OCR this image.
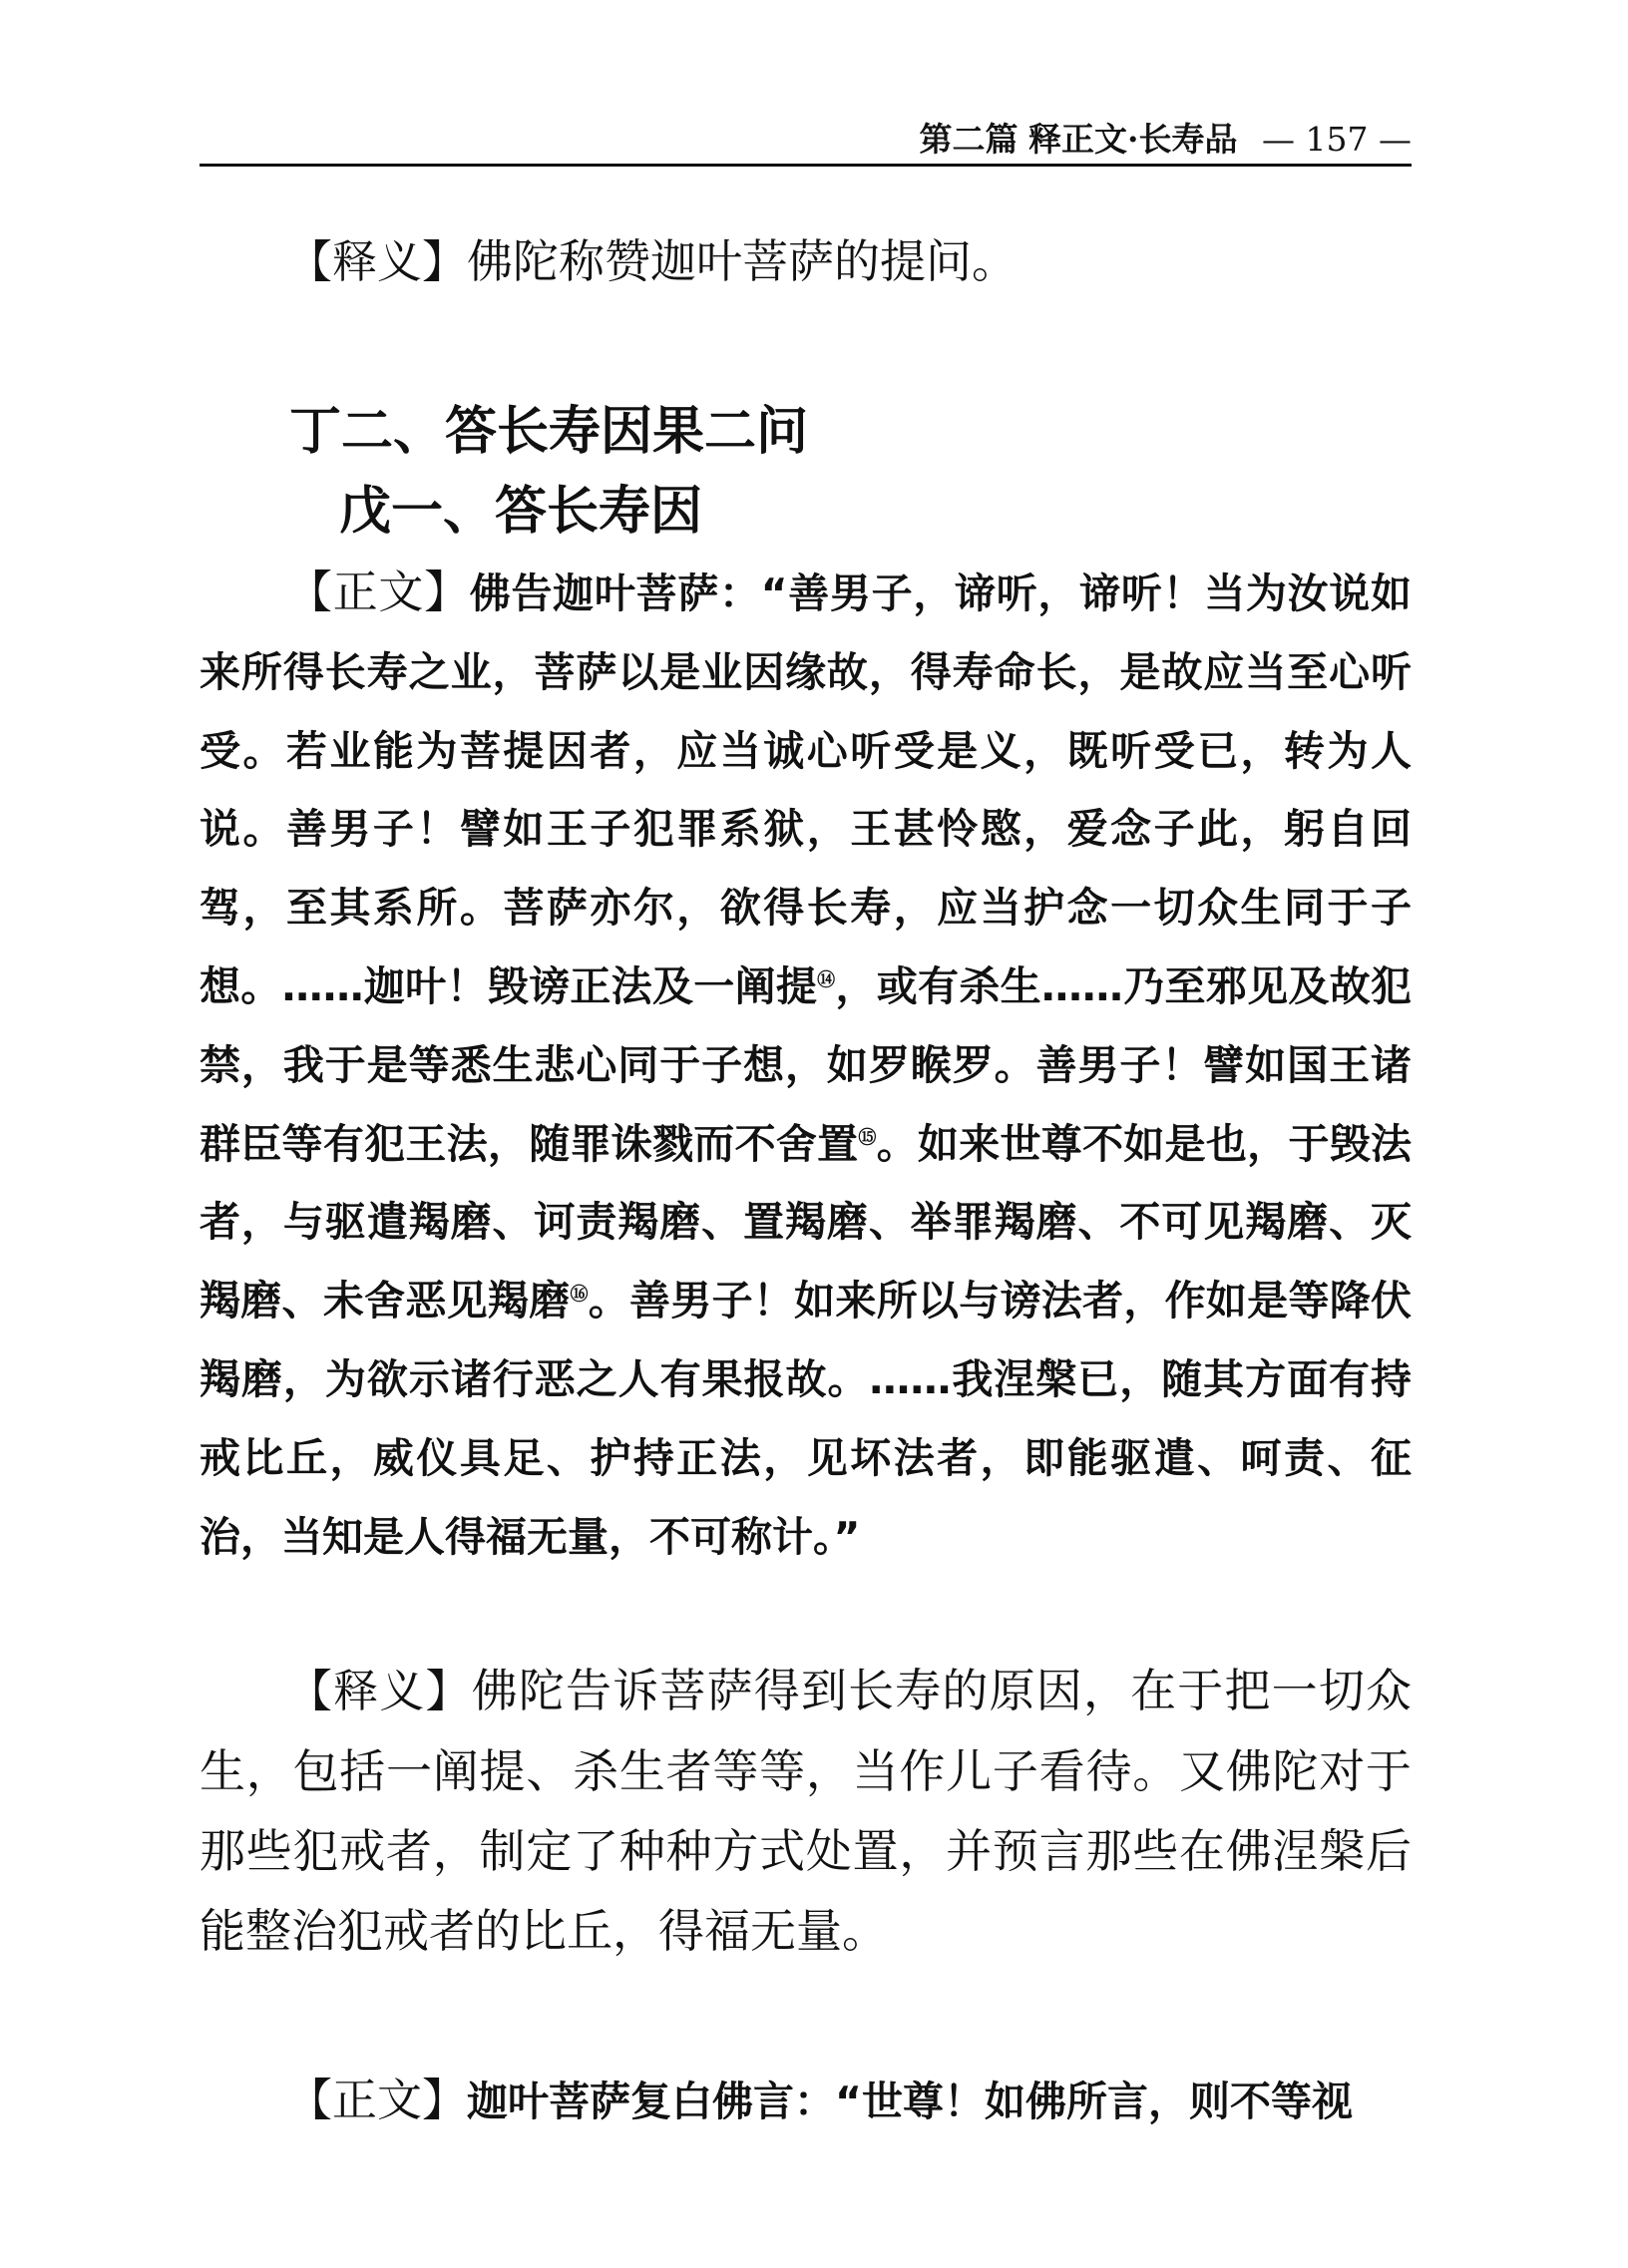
第二篇 释正文·长寿品 — 157 —
【释义】佛陀称赞迦叶菩萨的提问。
丁二、答长寿因果二问
戊一、答长寿因
【正文】佛告迦叶菩萨：“善男子，谛听，谛听！当为汝说如来所得长寿之业，菩萨以是业因缘故，得寿命长，是故应当至心听受。若业能为菩提因者，应当诚心听受是义，既听受已，转为人说。善男子！譬如王子犯罪系狱，王甚怜愍，爱念子此，躬自回驾，至其系所。菩萨亦尔，欲得长寿，应当护念一切众生同于子想。……迦叶！毁谤正法及一阐提⑭，或有杀生……乃至邪见及故犯禁，我于是等悉生悲心同于子想，如罗睺罗。善男子！譬如国王诸群臣等有犯王法，随罪诛戮而不舍置⑮。如来世尊不如是也，于毁法者，与驱遣羯磨、诃责羯磨、置羯磨、举罪羯磨、不可见羯磨、灭羯磨、未舍恶见羯磨⑯。善男子！如来所以与谤法者，作如是等降伏羯磨，为欲示诸行恶之人有果报故。……我涅槃已，随其方面有持戒比丘，威仪具足、护持正法，见坏法者，即能驱遣、呵责、征治，当知是人得福无量，不可称计。”
【释义】佛陀告诉菩萨得到长寿的原因，在于把一切众生，包括一阐提、杀生者等等，当作儿子看待。又佛陀对于那些犯戒者，制定了种种方式处置，并预言那些在佛涅槃后能整治犯戒者的比丘，得福无量。
【正文】迦叶菩萨复白佛言：“世尊！如佛所言，则不等视
